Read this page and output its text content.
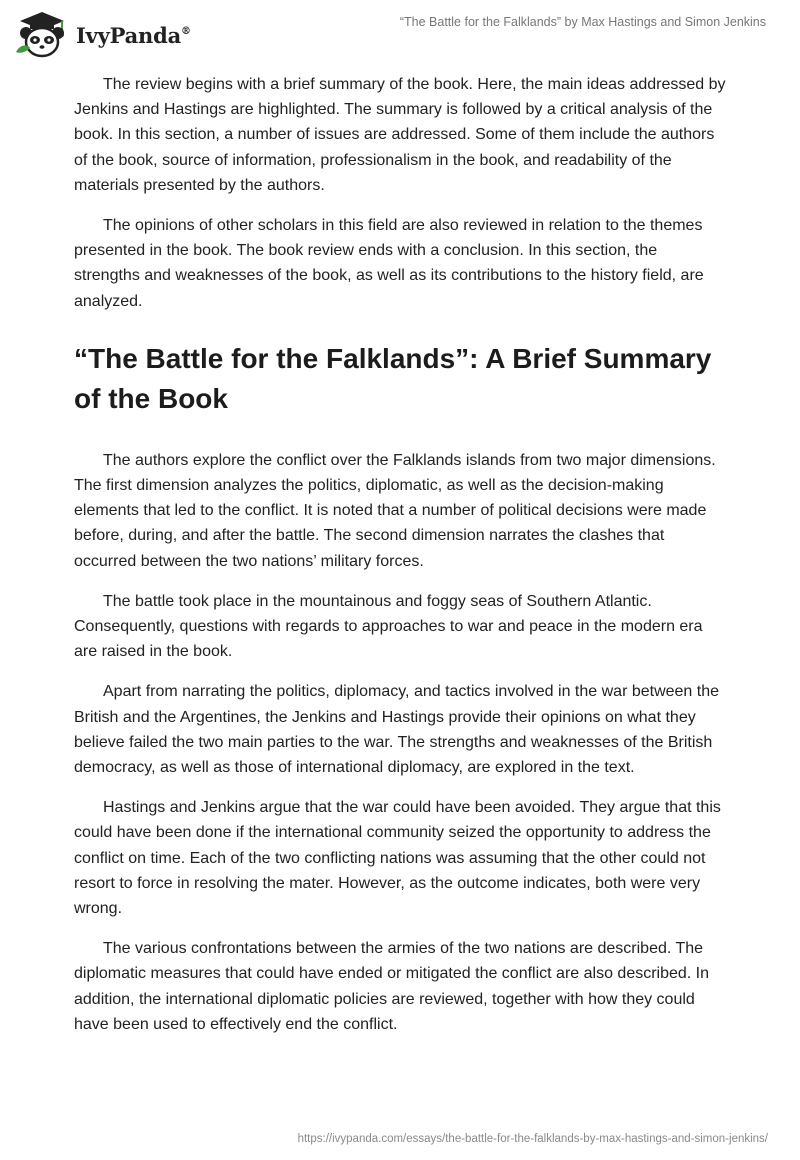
IvyPanda®
“The Battle for the Falklands” by Max Hastings and Simon Jenkins

The review begins with a brief summary of the book. Here, the main ideas addressed by Jenkins and Hastings are highlighted. The summary is followed by a critical analysis of the book. In this section, a number of issues are addressed. Some of them include the authors of the book, source of information, professionalism in the book, and readability of the materials presented by the authors.

The opinions of other scholars in this field are also reviewed in relation to the themes presented in the book. The book review ends with a conclusion. In this section, the strengths and weaknesses of the book, as well as its contributions to the history field, are analyzed.

“The Battle for the Falklands”: A Brief Summary of the Book

The authors explore the conflict over the Falklands islands from two major dimensions. The first dimension analyzes the politics, diplomatic, as well as the decision-making elements that led to the conflict. It is noted that a number of political decisions were made before, during, and after the battle. The second dimension narrates the clashes that occurred between the two nations’ military forces.

The battle took place in the mountainous and foggy seas of Southern Atlantic. Consequently, questions with regards to approaches to war and peace in the modern era are raised in the book.

Apart from narrating the politics, diplomacy, and tactics involved in the war between the British and the Argentines, the Jenkins and Hastings provide their opinions on what they believe failed the two main parties to the war. The strengths and weaknesses of the British democracy, as well as those of international diplomacy, are explored in the text.

Hastings and Jenkins argue that the war could have been avoided. They argue that this could have been done if the international community seized the opportunity to address the conflict on time. Each of the two conflicting nations was assuming that the other could not resort to force in resolving the mater. However, as the outcome indicates, both were very wrong.

The various confrontations between the armies of the two nations are described. The diplomatic measures that could have ended or mitigated the conflict are also described. In addition, the international diplomatic policies are reviewed, together with how they could have been used to effectively end the conflict.

https://ivypanda.com/essays/the-battle-for-the-falklands-by-max-hastings-and-simon-jenkins/
